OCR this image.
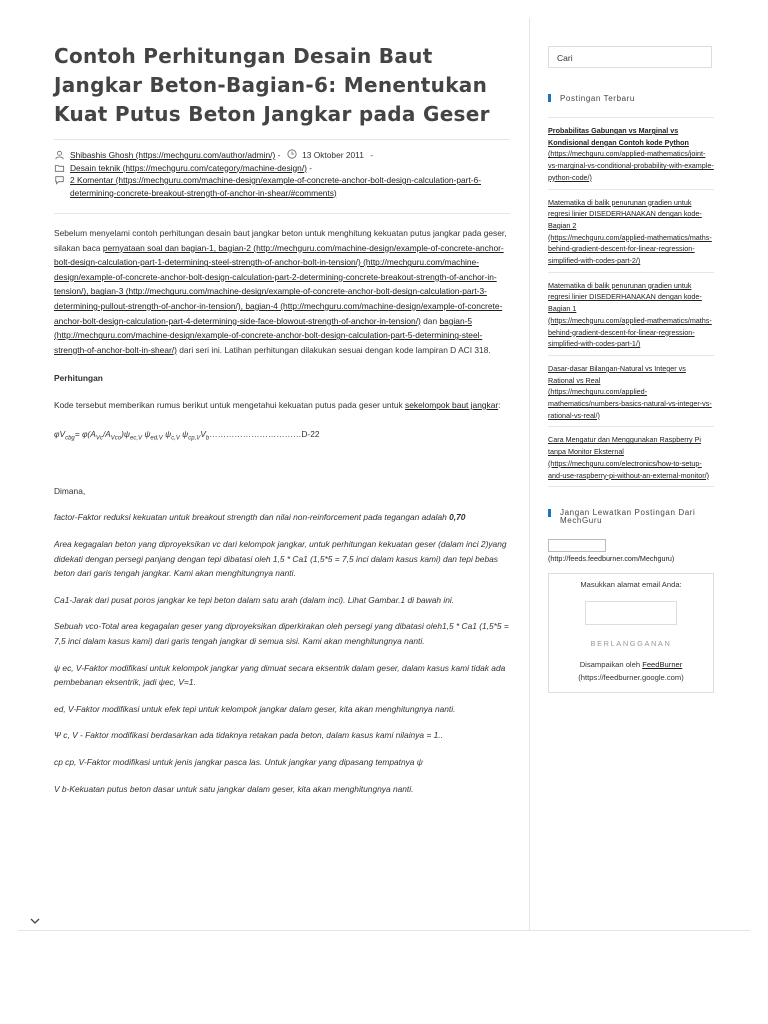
Contoh Perhitungan Desain Baut Jangkar Beton-Bagian-6: Menentukan Kuat Putus Beton Jangkar pada Geser
Shibashis Ghosh (https://mechguru.com/author/admin/) -	13 Oktober 2011 -
Desain teknik (https://mechguru.com/category/machine-design/) -
2 Komentar (https://mechguru.com/machine-design/example-of-concrete-anchor-bolt-design-calculation-part-6-determining-concrete-breakout-strength-of-anchor-in-shear/#comments)

Sebelum menyelami contoh perhitungan desain baut jangkar beton untuk menghitung kekuatan putus jangkar pada geser, silakan baca pernyataan soal dan bagian-1, bagian-2 (http://mechguru.com/machine-design/example-of-concrete-anchor-bolt-design-calculation-part-1-determining-steel-strength-of-anchor-bolt-in-tension/) (http://mechguru.com/machine-design/example-of-concrete-anchor-bolt-design-calculation-part-2-determining-concrete-breakout-strength-of-anchor-in-tension/), bagian-3 (http://mechguru.com/machine-design/example-of-concrete-anchor-bolt-design-calculation-part-3-determining-pullout-strength-of-anchor-in-tension/), bagian-4 (http://mechguru.com/machine-design/example-of-concrete-anchor-bolt-design-calculation-part-4-determining-side-face-blowout-strength-of-anchor-in-tension/) dan bagian-5 (http://mechguru.com/machine-design/example-of-concrete-anchor-bolt-design-calculation-part-5-determining-steel-strength-of-anchor-bolt-in-shear/) dari seri ini. Latihan perhitungan dilakukan sesuai dengan kode lampiran D ACI 318.

Perhitungan

Kode tersebut memberikan rumus berikut untuk mengetahui kekuatan putus pada geser untuk sekelompok baut jangkar:

$\varphi V_{cbg}= \varphi(A_{Vc}/A_{Vco})\psi_{ec,V}$ $\psi_{ed,V}$ $\psi_{c,V}$ $\psi_{cp,V}V_b\dots\dots\dots\dots\dots\dots\dots\dots\dots\dots\dots D-22$

Dimana,

factor-Faktor reduksi kekuatan untuk breakout strength dan nilai non-reinforcement pada tegangan adalah 0,70

Area kegagalan beton yang diproyeksikan vc dari kelompok jangkar, untuk perhitungan kekuatan geser (dalam inci 2)yang didekati dengan persegi panjang dengan tepi dibatasi oleh 1,5 * Ca1 (1,5*5 = 7,5 inci dalam kasus kami) dan tepi bebas beton dari garis tengah jangkar. Kami akan menghitungnya nanti.

Ca1-Jarak dari pusat poros jangkar ke tepi beton dalam satu arah (dalam inci). Lihat Gambar.1 di bawah ini.

Sebuah vco-Total area kegagalan geser yang diproyeksikan diperkirakan oleh persegi yang dibatasi oleh1,5 * Ca1 (1,5*5 = 7,5 inci dalam kasus kami) dari garis tengah jangkar di semua sisi. Kami akan menghitungnya nanti.

ψ ec, V-Faktor modifikasi untuk kelompok jangkar yang dimuat secara eksentrik dalam geser, dalam kasus kami tidak ada pembebanan eksentrik, jadi ψec, V=1.

ed, V-Faktor modifikasi untuk efek tepi untuk kelompok jangkar dalam geser, kita akan menghitungnya nanti.

Ψ c, V - Faktor modifikasi berdasarkan ada tidaknya retakan pada beton, dalam kasus kami nilainya = 1..

cp cp, V-Faktor modifikasi untuk jenis jangkar pasca las. Untuk jangkar yang dipasang tempatnya ψ

V b-Kekuatan putus beton dasar untuk satu jangkar dalam geser, kita akan menghitungnya nanti.

Cari
Postingan Terbaru
Probabilitas Gabungan vs Marginal vs Kondisional dengan Contoh kode Python
(https://mechguru.com/applied-mathematics/joint-vs-marginal-vs-conditional-probability-with-example-python-code/)
Matematika di balik penurunan gradien untuk regresi linier DISEDERHANAKAN dengan kode-Bagian 2
(https://mechguru.com/applied-mathematics/maths-behind-gradient-descent-for-linear-regression-simplified-with-codes-part-2/)
Matematika di balik penurunan gradien untuk regresi linier DISEDERHANAKAN dengan kode-Bagian 1
(https://mechguru.com/applied-mathematics/maths-behind-gradient-descent-for-linear-regression-simplified-with-codes-part-1/)
Dasar-dasar Bilangan-Natural vs Integer vs Rational vs Real
(https://mechguru.com/applied-mathematics/numbers-basics-natural-vs-integer-vs-rational-vs-real/)
Cara Mengatur dan Menggunakan Raspberry Pi tanpa Monitor Eksternal
(https://mechguru.com/electronics/how-to-setup-and-use-raspberry-pi-without-an-external-monitor/)
Jangan Lewatkan Postingan Dari MechGuru
(http://feeds.feedburner.com/Mechguru)
Masukkan alamat email Anda:
BERLANGGANAN
Disampaikan oleh FeedBurner
(https://feedburner.google.com)
